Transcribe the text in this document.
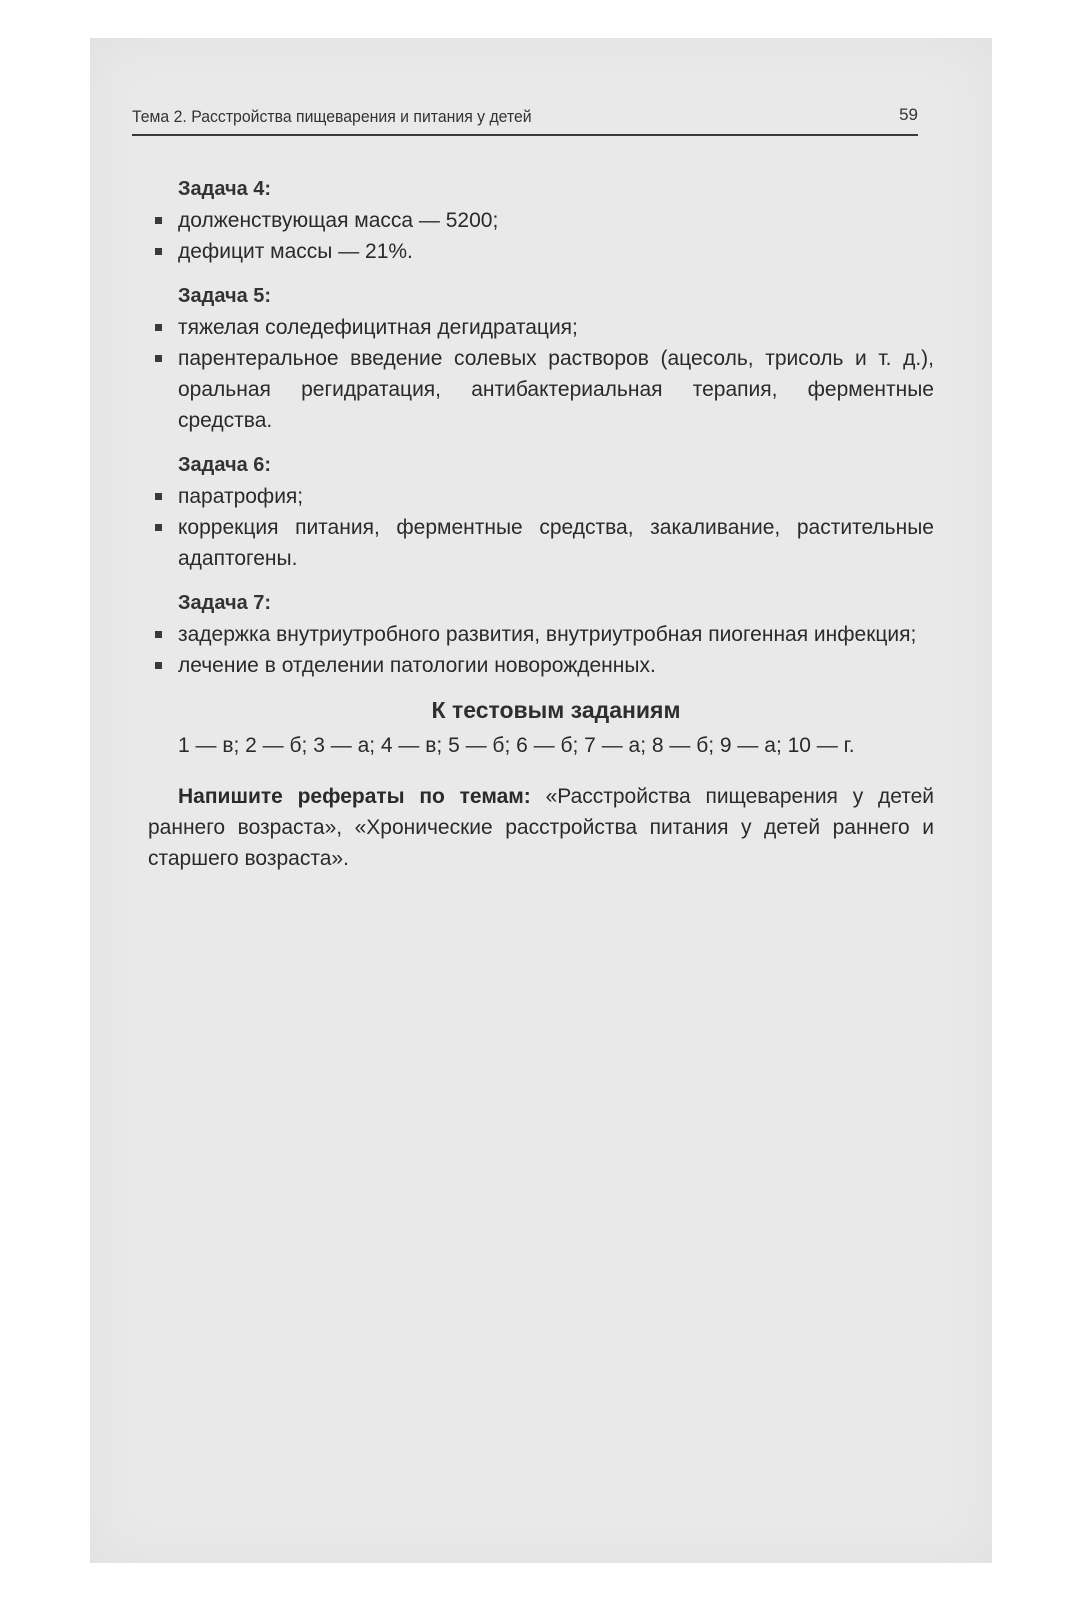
Тема 2. Расстройства пищеварения и питания у детей	59

Задача 4:

долженствующая масса — 5200;
дефицит массы — 21%.

Задача 5:

тяжелая соледефицитная дегидратация;
парентеральное введение солевых растворов (ацесоль, трисоль и т. д.), оральная регидратация, антибактериальная терапия, ферментные средства.

Задача 6:

паратрофия;
коррекция питания, ферментные средства, закаливание, растительные адаптогены.

Задача 7:

задержка внутриутробного развития, внутриутробная пиогенная инфекция;
лечение в отделении патологии новорожденных.
К тестовым заданиям
1 — в; 2 — б; 3 — а; 4 — в; 5 — б; 6 — б; 7 — а; 8 — б; 9 — а; 10 — г.

Напишите рефераты по темам: «Расстройства пищеварения у детей раннего возраста», «Хронические расстройства питания у детей раннего и старшего возраста».
